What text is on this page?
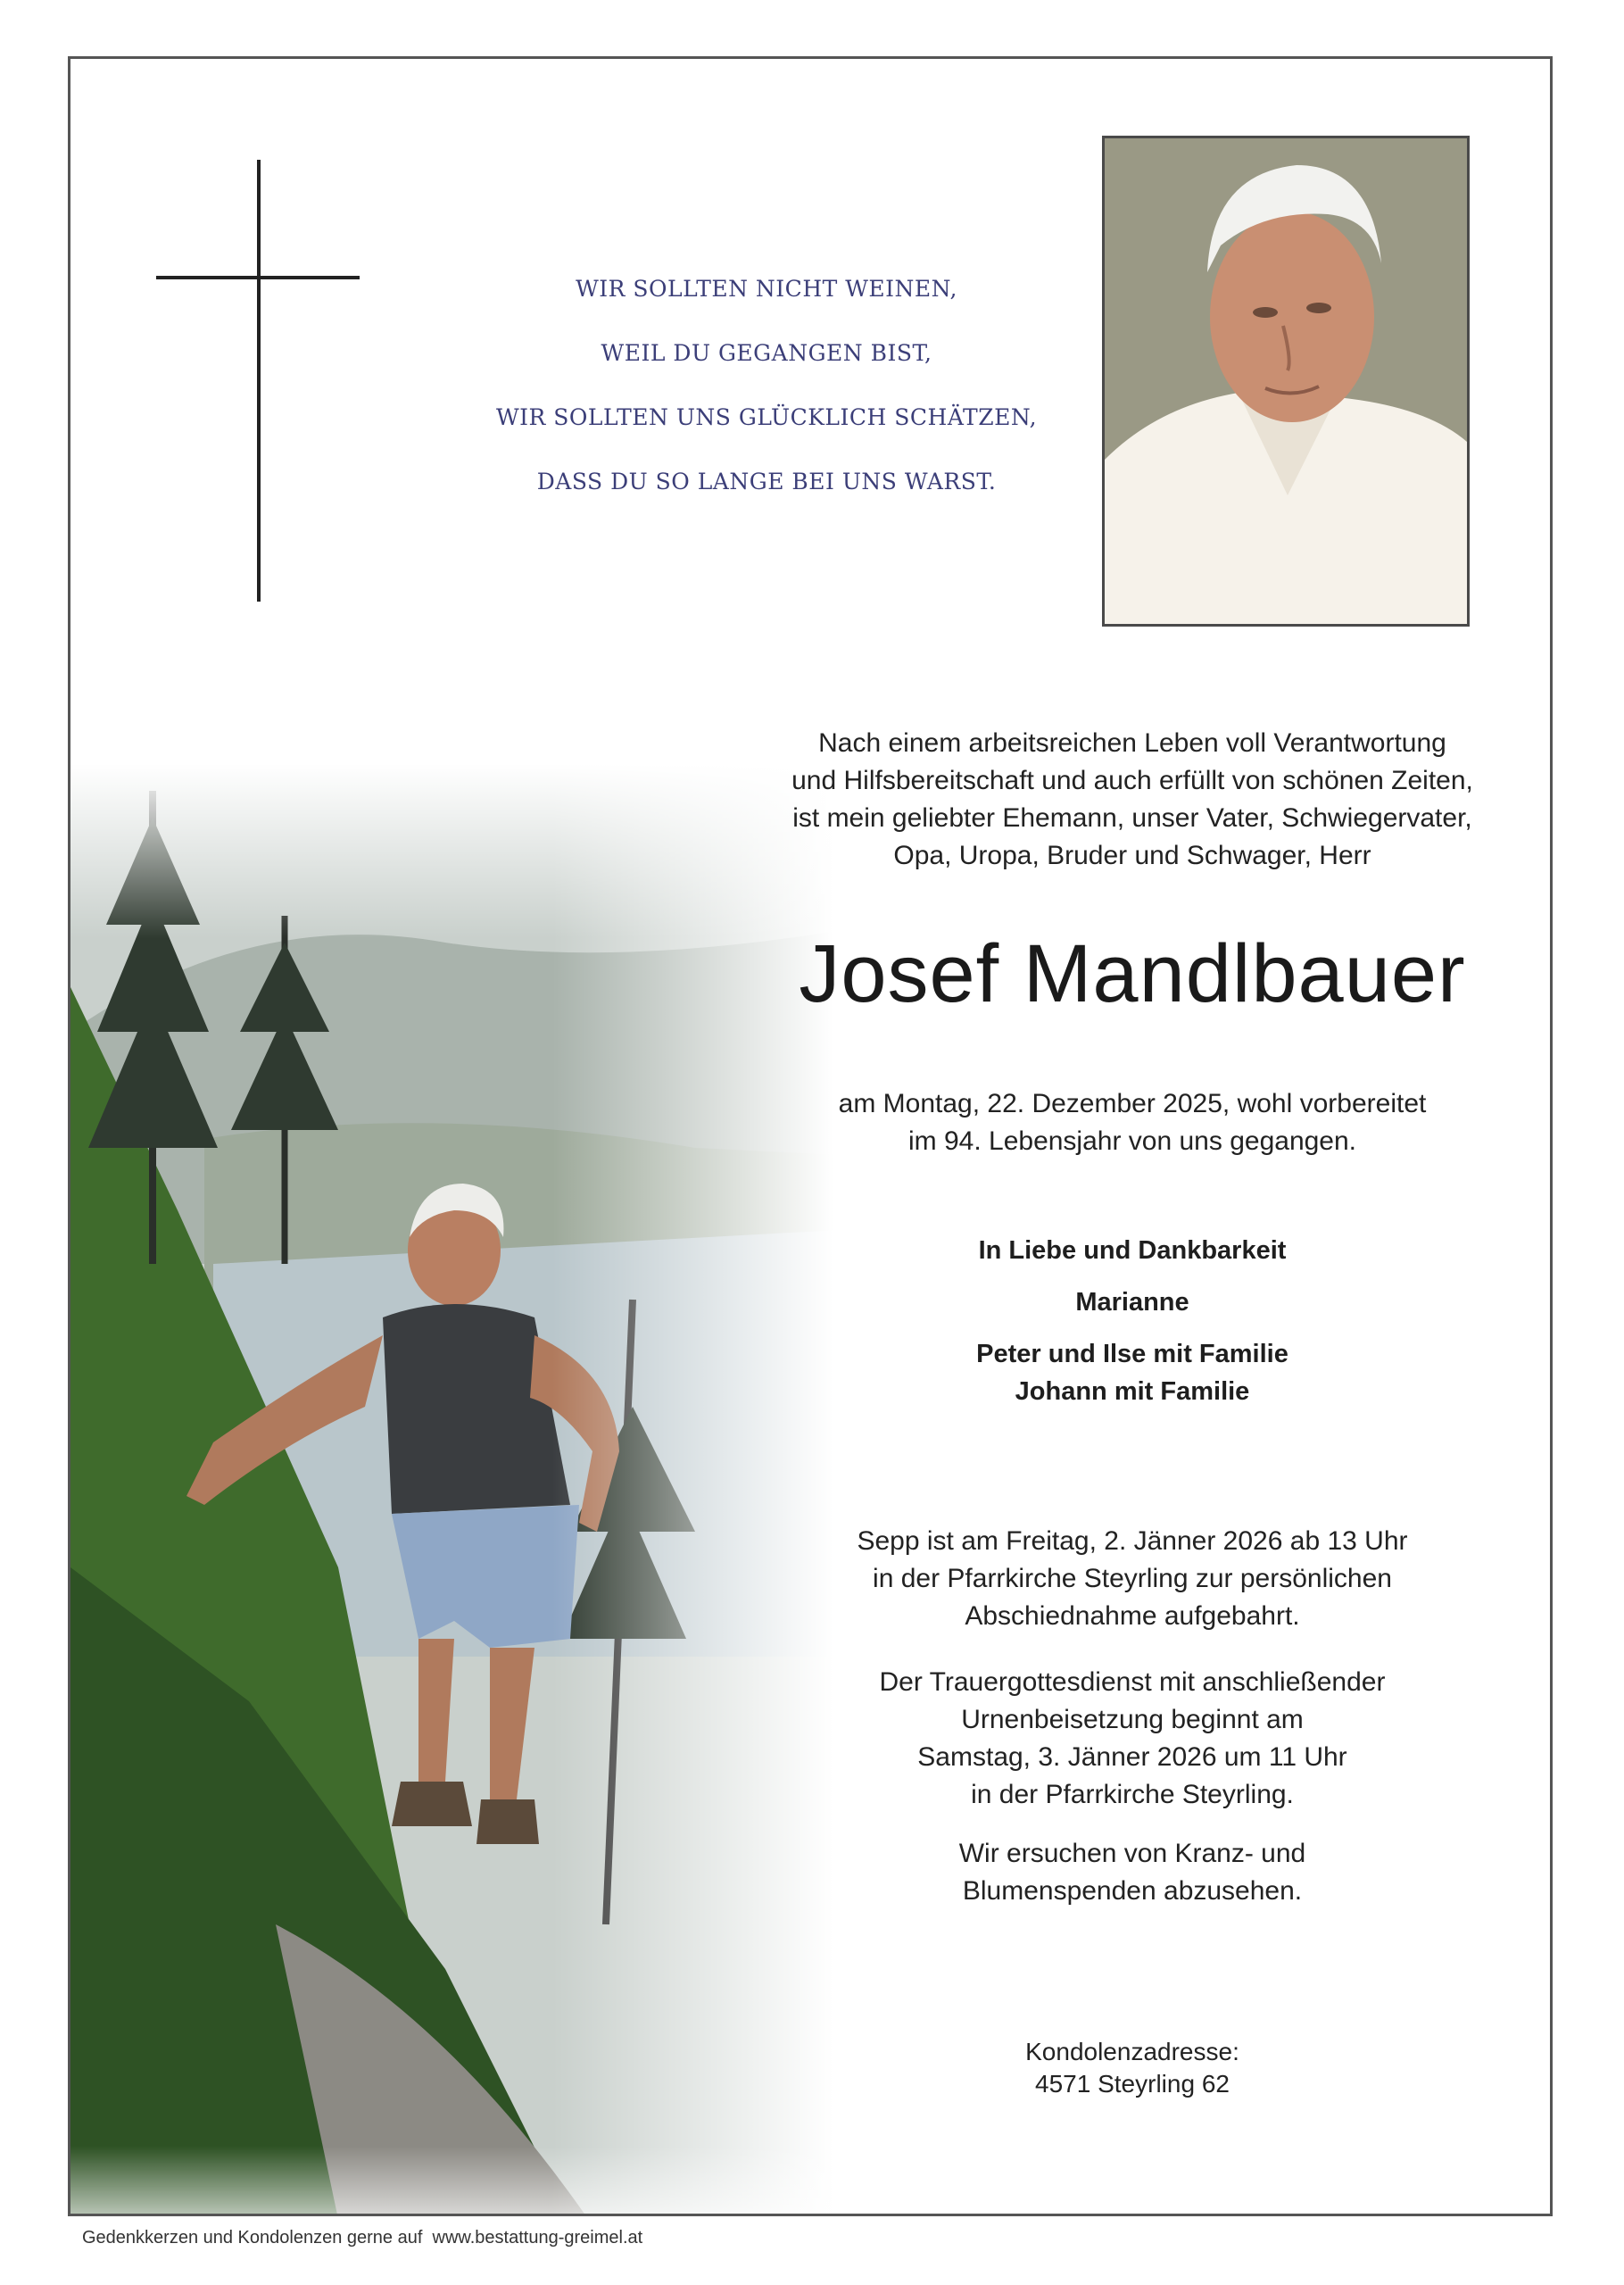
WIR SOLLTEN NICHT WEINEN,
WEIL DU GEGANGEN BIST,
WIR SOLLTEN UNS GLÜCKLICH SCHÄTZEN,
DASS DU SO LANGE BEI UNS WARST.
Nach einem arbeitsreichen Leben voll Verantwortung
und Hilfsbereitschaft und auch erfüllt von schönen Zeiten,
ist mein geliebter Ehemann, unser Vater, Schwiegervater,
Opa, Uropa, Bruder und Schwager, Herr
Josef Mandlbauer
am Montag, 22. Dezember 2025, wohl vorbereitet
im 94. Lebensjahr von uns gegangen.
In Liebe und Dankbarkeit
Marianne
Peter und Ilse mit Familie
Johann mit Familie
Sepp ist am Freitag, 2. Jänner 2026 ab 13 Uhr
in der Pfarrkirche Steyrling zur persönlichen
Abschiednahme aufgebahrt.
Der Trauergottesdienst mit anschließender
Urnenbeisetzung beginnt am
Samstag, 3. Jänner 2026 um 11 Uhr
in der Pfarrkirche Steyrling.
Wir ersuchen von Kranz- und
Blumenspenden abzusehen.
Kondolenzadresse:
4571 Steyrling 62
Gedenkkerzen und Kondolenzen gerne auf  www.bestattung-greimel.at
